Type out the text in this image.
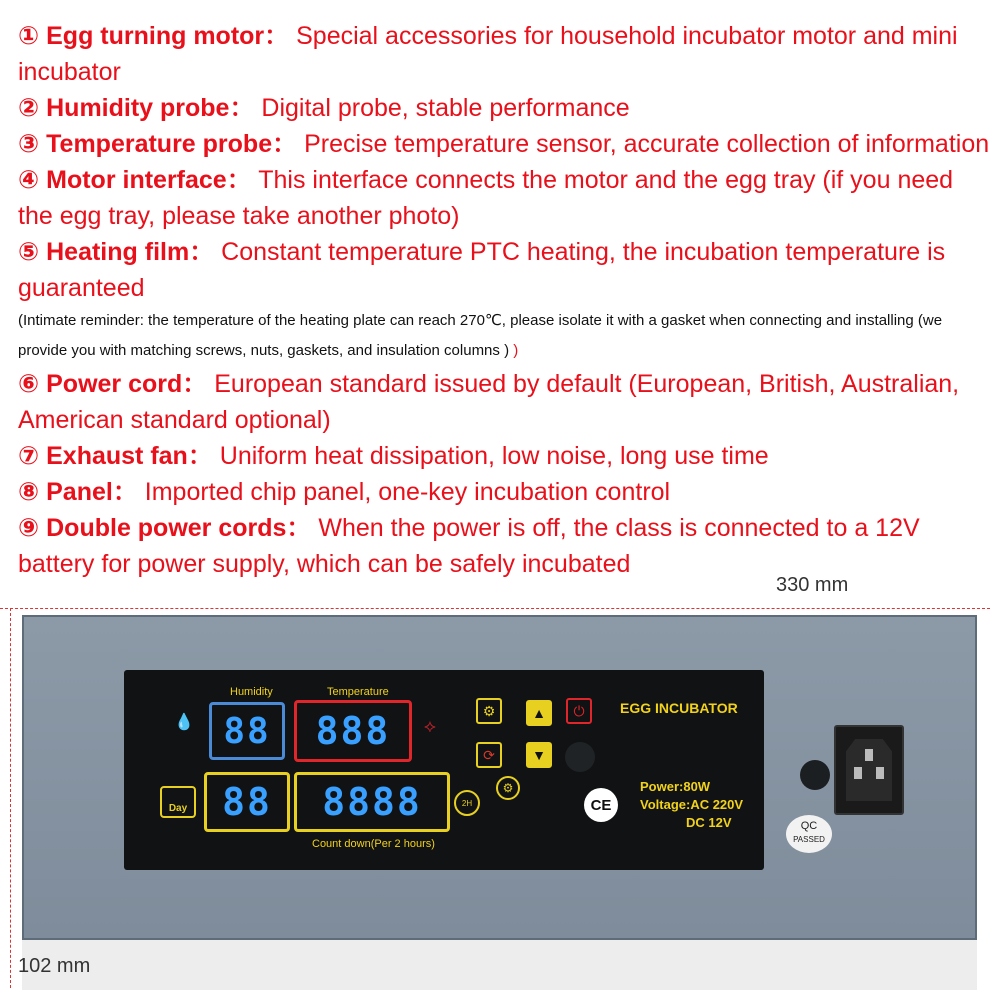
① Egg turning motor： Special accessories for household incubator motor and mini incubator
② Humidity probe： Digital probe, stable performance
③ Temperature probe： Precise temperature sensor, accurate collection of information
④ Motor interface： This interface connects the motor and the egg tray (if you need the egg tray, please take another photo)
⑤ Heating film： Constant temperature PTC heating, the incubation temperature is guaranteed
(Intimate reminder: the temperature of the heating plate can reach 270℃, please isolate it with a gasket when connecting and installing (we provide you with matching screws, nuts, gaskets, and insulation columns ) )
⑥ Power cord： European standard issued by default (European, British, Australian, American standard optional)
⑦ Exhaust fan： Uniform heat dissipation, low noise, long use time
⑧ Panel： Imported chip panel, one-key incubation control
⑨ Double power cords： When the power is off, the class is connected to a 12V battery for power supply, which can be safely incubated
330 mm
Humidity	Temperature
💧 88	888	⟡
Day 88	8888
Count down(Per 2 hours)
2H
EGG INCUBATOR
Power:80W
Voltage:AC 220V
DC 12V
⚙	▲ ⏻
⟳	▼
⚙
CE
QC
PASSED
102 mm
